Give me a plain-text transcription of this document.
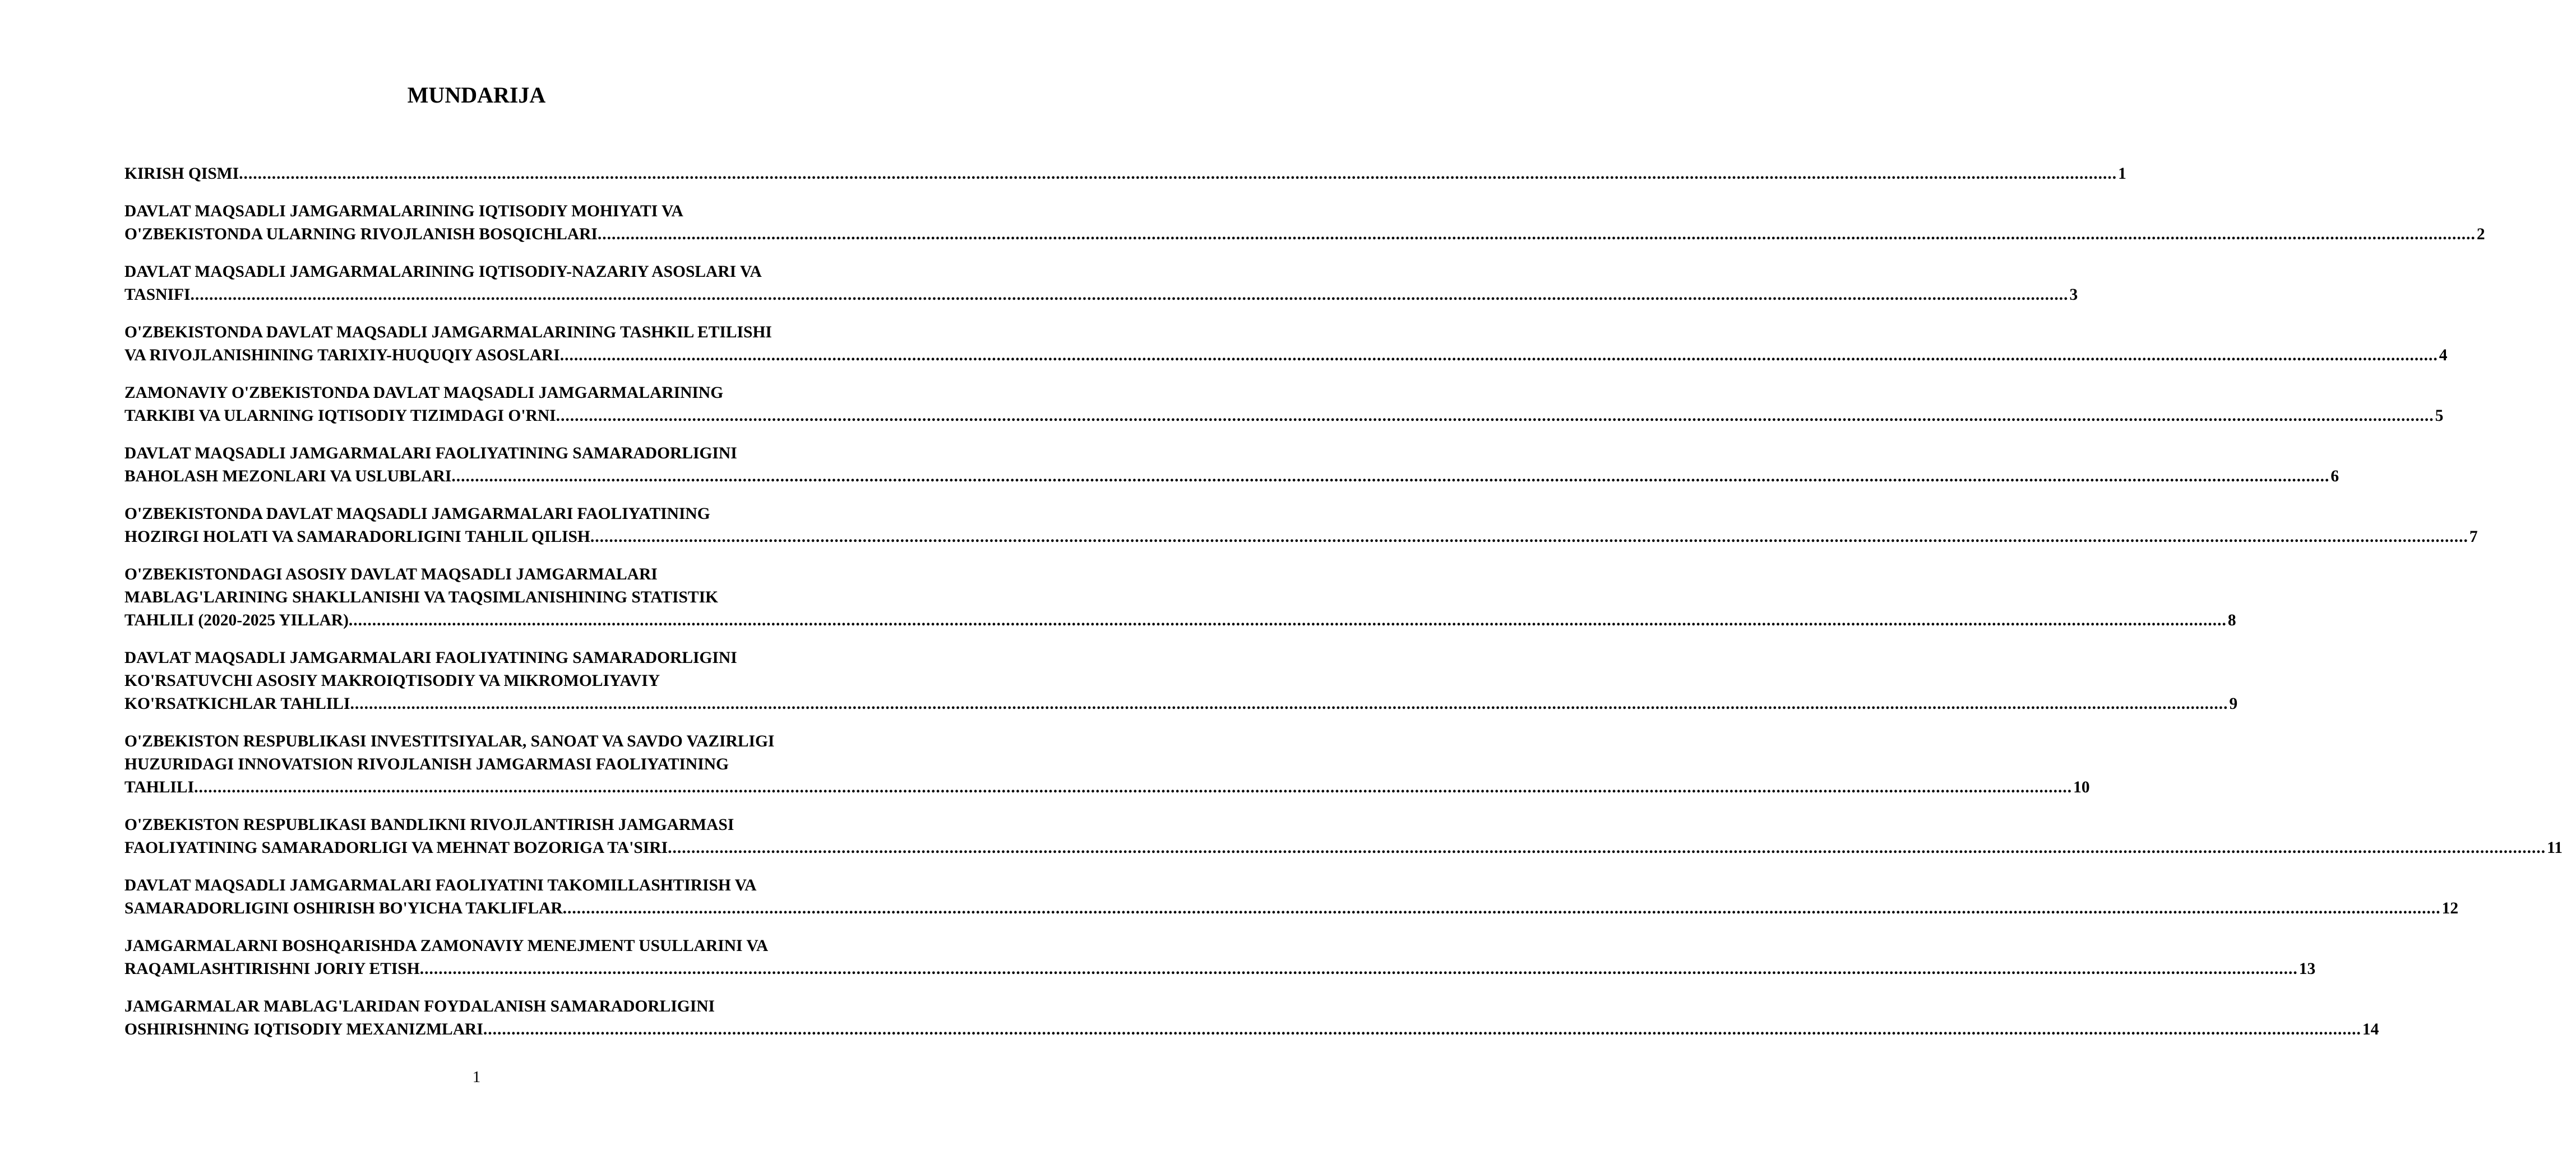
MUNDARIJA
KIRISH QISMI ................................................................................................................................................................................................................................................................................................................................................................................................................ 1
DAVLAT MAQSADLI JAMGARMALARINING IQTISODIY MOHIYATI VA
O'ZBEKISTONDA ULARNING RIVOJLANISH BOSQICHLARI ................................................................................................................................................................................................................................................................................................................................................................................................................ 2
DAVLAT MAQSADLI JAMGARMALARINING IQTISODIY-NAZARIY ASOSLARI VA
TASNIFI ................................................................................................................................................................................................................................................................................................................................................................................................................ 3
O'ZBEKISTONDA DAVLAT MAQSADLI JAMGARMALARINING TASHKIL ETILISHI
VA RIVOJLANISHINING TARIXIY-HUQUQIY ASOSLARI ................................................................................................................................................................................................................................................................................................................................................................................................................ 4
ZAMONAVIY O'ZBEKISTONDA DAVLAT MAQSADLI JAMGARMALARINING
TARKIBI VA ULARNING IQTISODIY TIZIMDAGI O'RNI ................................................................................................................................................................................................................................................................................................................................................................................................................ 5
DAVLAT MAQSADLI JAMGARMALARI FAOLIYATINING SAMARADORLIGINI
BAHOLASH MEZONLARI VA USLUBLARI ................................................................................................................................................................................................................................................................................................................................................................................................................ 6
O'ZBEKISTONDA DAVLAT MAQSADLI JAMGARMALARI FAOLIYATINING
HOZIRGI HOLATI VA SAMARADORLIGINI TAHLIL QILISH ................................................................................................................................................................................................................................................................................................................................................................................................................ 7
O'ZBEKISTONDAGI ASOSIY DAVLAT MAQSADLI JAMGARMALARI
MABLAG'LARINING SHAKLLANISHI VA TAQSIMLANISHINING STATISTIK
TAHLILI (2020-2025 YILLAR) ................................................................................................................................................................................................................................................................................................................................................................................................................ 8
DAVLAT MAQSADLI JAMGARMALARI FAOLIYATINING SAMARADORLIGINI
KO'RSATUVCHI ASOSIY MAKROIQTISODIY VA MIKROMOLIYAVIY
KO'RSATKICHLAR TAHLILI ................................................................................................................................................................................................................................................................................................................................................................................................................ 9
O'ZBEKISTON RESPUBLIKASI INVESTITSIYALAR, SANOAT VA SAVDO VAZIRLIGI
HUZURIDAGI INNOVATSION RIVOJLANISH JAMGARMASI FAOLIYATINING
TAHLILI ................................................................................................................................................................................................................................................................................................................................................................................................................ 10
O'ZBEKISTON RESPUBLIKASI BANDLIKNI RIVOJLANTIRISH JAMGARMASI
FAOLIYATINING SAMARADORLIGI VA MEHNAT BOZORIGA TA'SIRI ................................................................................................................................................................................................................................................................................................................................................................................................................ 11
DAVLAT MAQSADLI JAMGARMALARI FAOLIYATINI TAKOMILLASHTIRISH VA
SAMARADORLIGINI OSHIRISH BO'YICHA TAKLIFLAR ................................................................................................................................................................................................................................................................................................................................................................................................................ 12
JAMGARMALARNI BOSHQARISHDA ZAMONAVIY MENEJMENT USULLARINI VA
RAQAMLASHTIRISHNI JORIY ETISH ................................................................................................................................................................................................................................................................................................................................................................................................................ 13
JAMGARMALAR MABLAG'LARIDAN FOYDALANISH SAMARADORLIGINI
OSHIRISHNING IQTISODIY MEXANIZMLARI ................................................................................................................................................................................................................................................................................................................................................................................................................ 14
1
